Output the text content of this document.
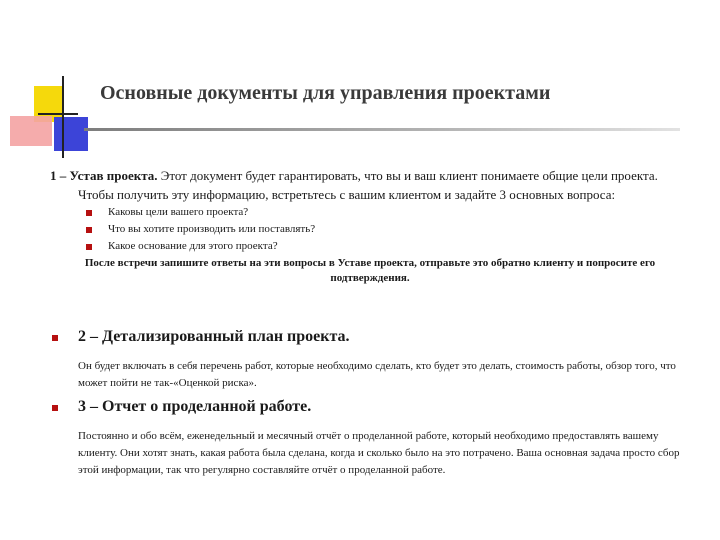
Основные документы для управления проектами
1 – Устав проекта. Этот документ будет гарантировать, что вы и ваш клиент понимаете общие цели проекта. Чтобы получить эту информацию, встретьтесь с вашим клиентом и задайте 3 основных вопроса:
Каковы цели вашего проекта?
Что вы хотите производить или поставлять?
Какое основание для этого проекта?
После встречи запишите ответы на эти вопросы в Уставе проекта, отправьте это обратно клиенту и попросите его подтверждения.
2 – Детализированный план проекта.
Он будет включать в себя перечень работ, которые необходимо сделать, кто будет это делать, стоимость работы, обзор того, что может пойти не так-«Оценкой риска».
3 – Отчет о проделанной работе.
Постоянно и обо всём, еженедельный и месячный отчёт о проделанной работе, который необходимо предоставлять вашему клиенту. Они хотят знать, какая работа была сделана, когда и сколько было на это потрачено. Ваша основная задача просто сбор этой информации, так что регулярно составляйте отчёт о проделанной работе.
